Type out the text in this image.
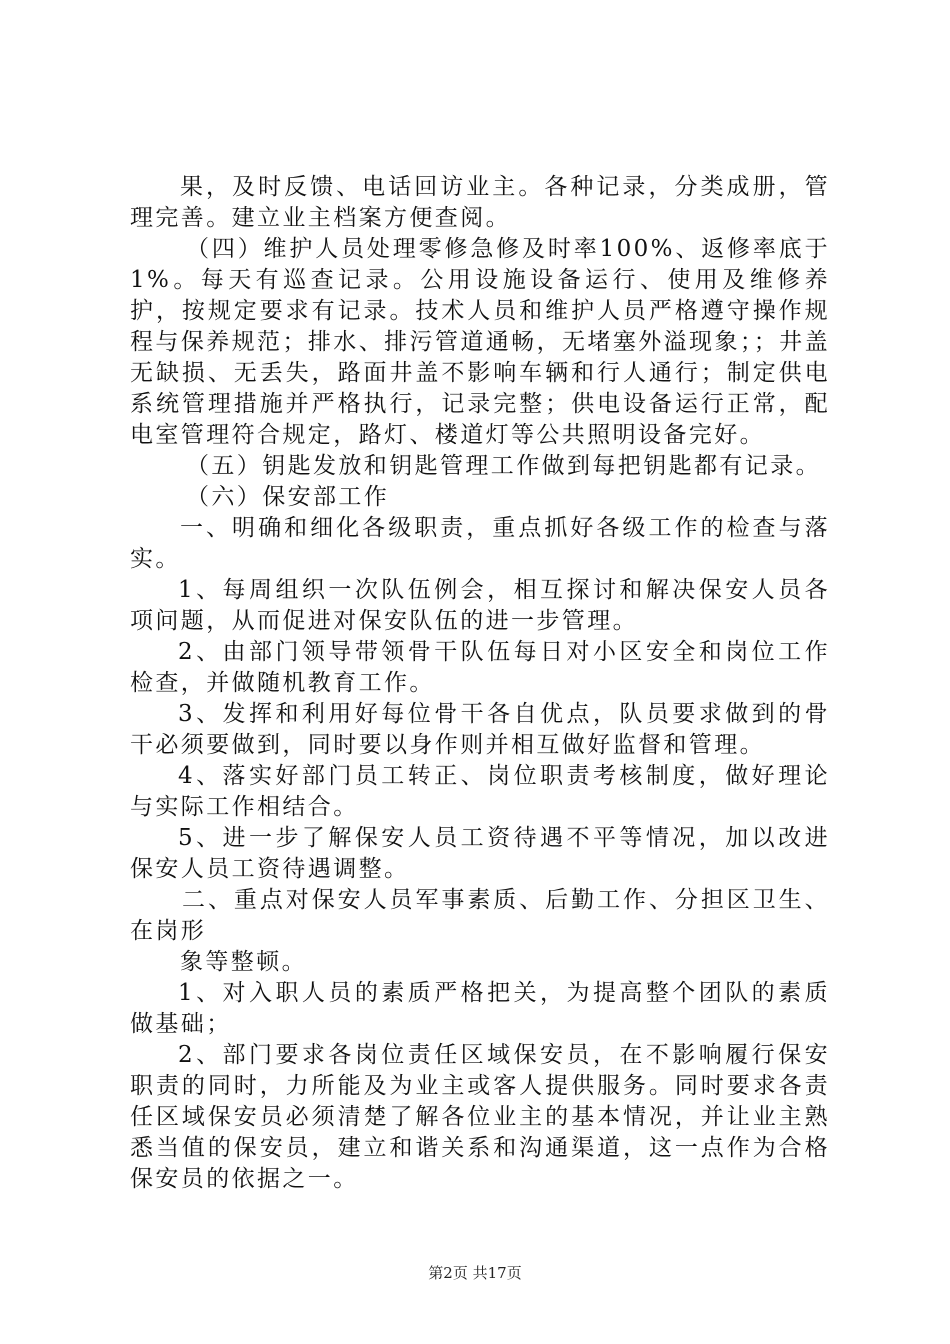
果，及时反馈、电话回访业主。各种记录，分类成册，管理完善。建立业主档案方便查阅。

（四）维护人员处理零修急修及时率100%、返修率底于1%。每天有巡查记录。公用设施设备运行、使用及维修养护，按规定要求有记录。技术人员和维护人员严格遵守操作规程与保养规范；排水、排污管道通畅，无堵塞外溢现象；；井盖无缺损、无丢失，路面井盖不影响车辆和行人通行；制定供电系统管理措施并严格执行，记录完整；供电设备运行正常，配电室管理符合规定，路灯、楼道灯等公共照明设备完好。

（五）钥匙发放和钥匙管理工作做到每把钥匙都有记录。

（六）保安部工作

一、明确和细化各级职责，重点抓好各级工作的检查与落实。

1、每周组织一次队伍例会，相互探讨和解决保安人员各项问题，从而促进对保安队伍的进一步管理。

2、由部门领导带领骨干队伍每日对小区安全和岗位工作检查，并做随机教育工作。

3、发挥和利用好每位骨干各自优点，队员要求做到的骨干必须要做到，同时要以身作则并相互做好监督和管理。

4、落实好部门员工转正、岗位职责考核制度，做好理论与实际工作相结合。

5、进一步了解保安人员工资待遇不平等情况，加以改进保安人员工资待遇调整。

二、重点对保安人员军事素质、后勤工作、分担区卫生、在岗形

象等整顿。

1、对入职人员的素质严格把关，为提高整个团队的素质做基础；

2、部门要求各岗位责任区域保安员，在不影响履行保安职责的同时，力所能及为业主或客人提供服务。同时要求各责任区域保安员必须清楚了解各位业主的基本情况，并让业主熟悉当值的保安员，建立和谐关系和沟通渠道，这一点作为合格保安员的依据之一。

第2页 共17页
